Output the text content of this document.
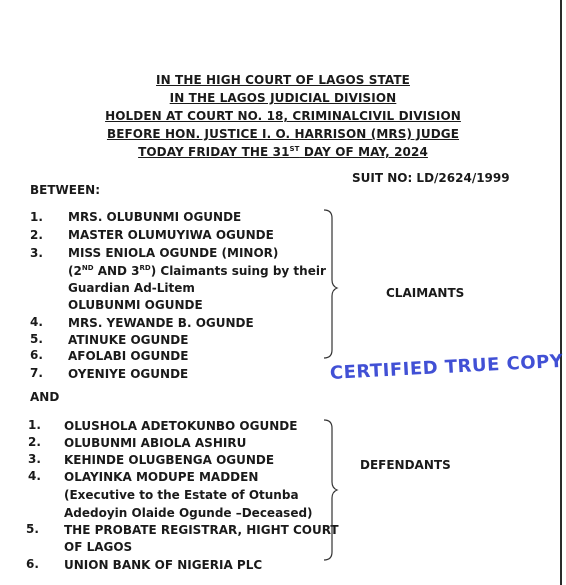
IN THE HIGH COURT OF LAGOS STATE
IN THE LAGOS JUDICIAL DIVISION
HOLDEN AT COURT NO. 18, CRIMINALCIVIL DIVISION
BEFORE HON. JUSTICE I. O. HARRISON (MRS) JUDGE
TODAY FRIDAY THE 31ST DAY OF MAY, 2024
SUIT NO: LD/2624/1999
BETWEEN:
1. MRS. OLUBUNMI OGUNDE
2. MASTER OLUMUYIWA OGUNDE
3. MISS ENIOLA OGUNDE (MINOR)
(2ND AND 3RD) Claimants suing by their
Guardian Ad-Litem
OLUBUNMI OGUNDE
4. MRS. YEWANDE B. OGUNDE
5. ATINUKE OGUNDE
6. AFOLABI OGUNDE
7. OYENIYE OGUNDE
CLAIMANTS
CERTIFIED TRUE COPY
AND
1. OLUSHOLA ADETOKUNBO OGUNDE
2. OLUBUNMI ABIOLA ASHIRU
3. KEHINDE OLUGBENGA OGUNDE
4. OLAYINKA MODUPE MADDEN
(Executive to the Estate of Otunba
Adedoyin Olaide Ogunde –Deceased)
5. THE PROBATE REGISTRAR, HIGHT COURT
OF LAGOS
6. UNION BANK OF NIGERIA PLC
DEFENDANTS
